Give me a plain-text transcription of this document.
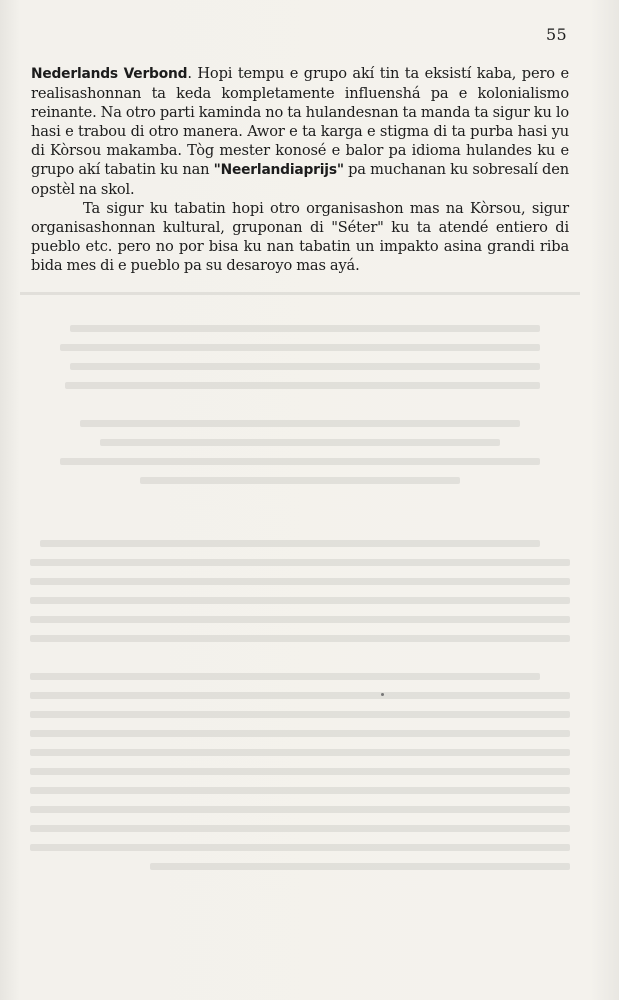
55

Nederlands Verbond. Hopi tempu e grupo akí tin ta eksistí kaba, pero e realisashonnan ta keda kompletamente influenshá pa e kolonialismo reinante. Na otro parti kaminda no ta hulandesnan ta manda ta sigur ku lo hasi e trabou di otro manera. Awor e ta karga e stigma di ta purba hasi yu di Kòrsou makamba. Tòg mester konosé e balor pa idioma hulandes ku e grupo akí tabatin ku nan "Neerlandiaprijs" pa muchanan ku sobresalí den opstèl na skol.

Ta sigur ku tabatin hopi otro organisashon mas na Kòrsou, sigur organisashonnan kultural, gruponan di "Séter" ku ta atendé entiero di pueblo etc. pero no por bisa ku nan tabatin un impakto asina grandi riba bida mes di e pueblo pa su desaroyo mas ayá.
